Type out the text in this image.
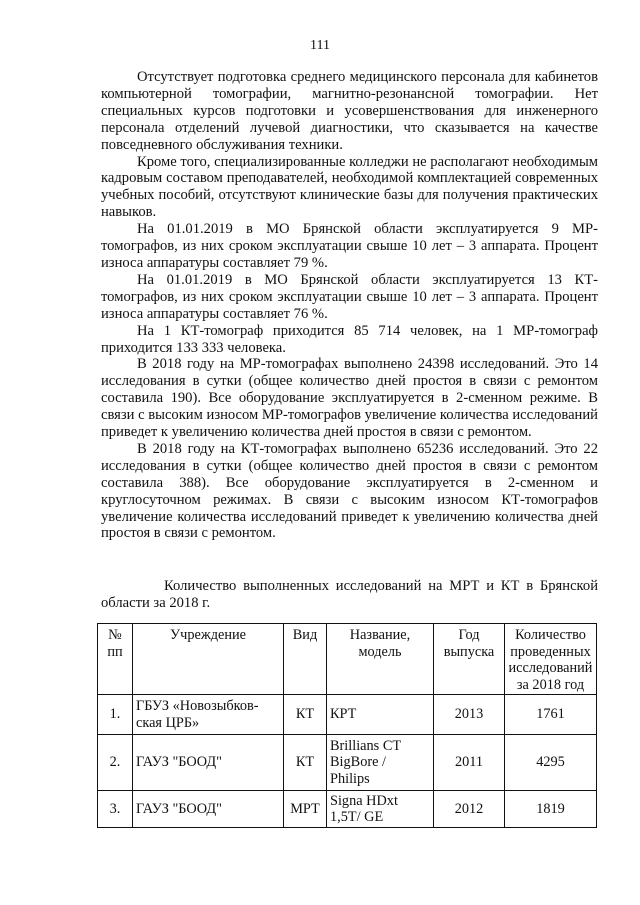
111

Отсутствует подготовка среднего медицинского персонала для кабинетов компьютерной томографии, магнитно-резонансной томографии. Нет специальных курсов подготовки и усовершенствования для инженерного персонала отделений лучевой диагностики, что сказывается на качестве повседневного обслуживания техники.

Кроме того, специализированные колледжи не располагают необходимым кадровым составом преподавателей, необходимой комплектацией современных учебных пособий, отсутствуют клинические базы для получения практических навыков.

На 01.01.2019 в МО Брянской области эксплуатируется 9 МР-томографов, из них сроком эксплуатации свыше 10 лет – 3 аппарата. Процент износа аппаратуры составляет 79 %.

На 01.01.2019 в МО Брянской области эксплуатируется 13 КТ-томографов, из них сроком эксплуатации свыше 10 лет – 3 аппарата. Процент износа аппаратуры составляет 76 %.

На 1 КТ-томограф приходится 85 714 человек, на 1 МР-томограф приходится 133 333 человека.

В 2018 году на МР-томографах выполнено 24398 исследований. Это 14 исследования в сутки (общее количество дней простоя в связи с ремонтом составила 190). Все оборудование эксплуатируется в 2-сменном режиме. В связи с высоким износом МР-томографов увеличение количества исследований приведет к увеличению количества дней простоя в связи с ремонтом.

В 2018 году на КТ-томографах выполнено 65236 исследований. Это 22 исследования в сутки (общее количество дней простоя в связи с ремонтом составила 388). Все оборудование эксплуатируется в 2-сменном и круглосуточном режимах. В связи с высоким износом КТ-томографов увеличение количества исследований приведет к увеличению количества дней простоя в связи с ремонтом.

Количество выполненных исследований на МРТ и КТ в Брянской области за 2018 г.
№ пп	Учреждение	Вид	Название, модель	Год выпуска	Количество проведенных исследований за 2018 год
1.	ГБУЗ «Новозыбков-
ская ЦРБ»	КТ	КРТ	2013	1761
2.	ГАУЗ "БООД"	КТ	Brillians CT
BigBore /
Philips	2011	4295
3.	ГАУЗ "БООД"	МРТ	Signa HDxt
1,5T/ GE	2012	1819
